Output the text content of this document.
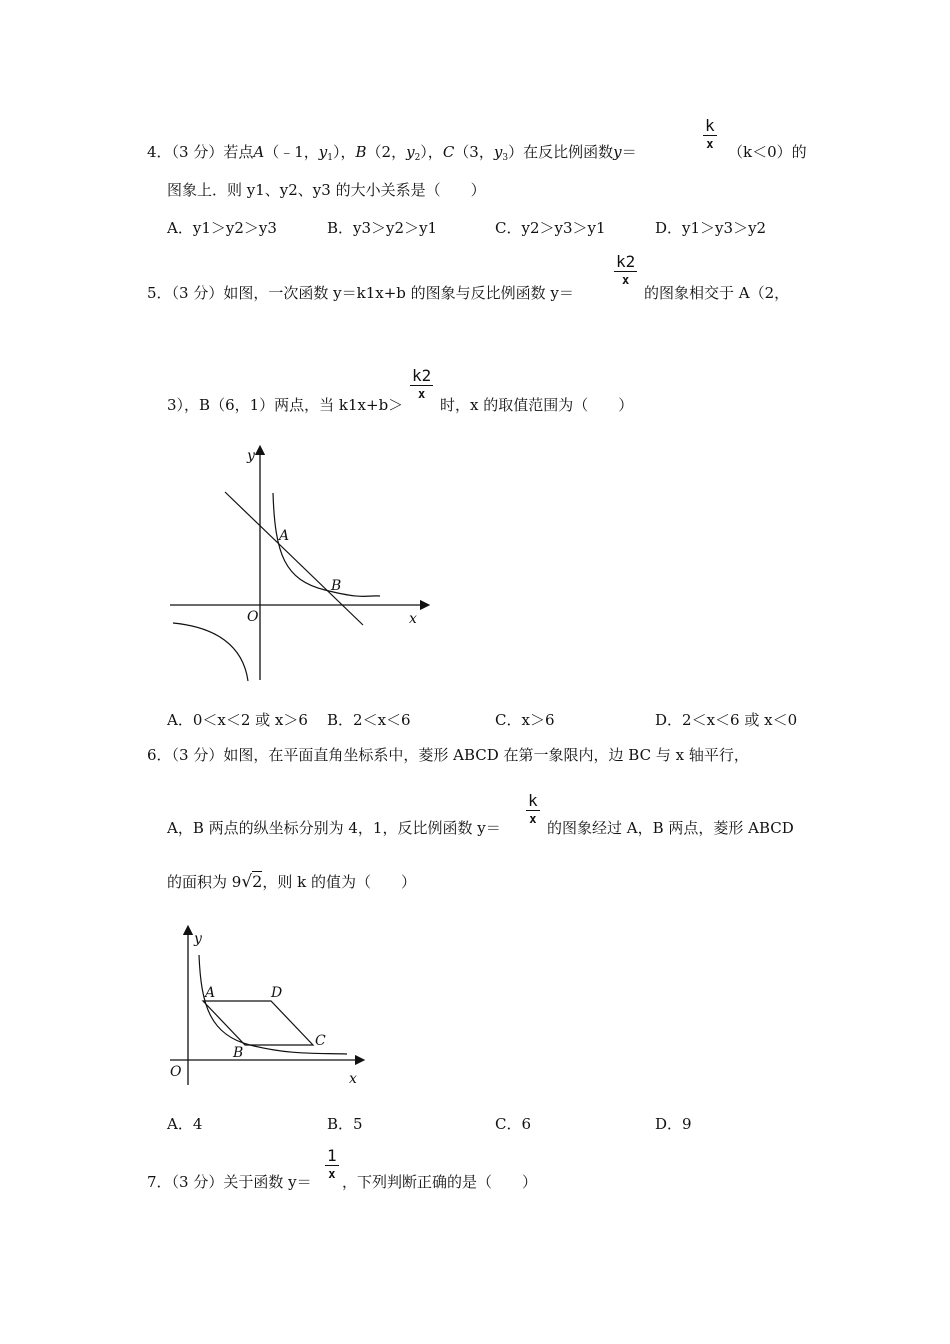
k
x
4．（3 分）若点A（﹣1，$y_1$），B（2，$y_2$），C（3，$y_3$）在反比例函数y＝	（k＜0）的
图象上．则 y1、y2、y3 的大小关系是（　　）
A．y1＞y2＞y3	B．y3＞y2＞y1	C．y2＞y3＞y1	D．y1＞y3＞y2
k2
x
5．（3 分）如图，一次函数 y＝k1x+b 的图象与反比例函数 y＝	的图象相交于 A（2，
k2
x
3），B（6，1）两点，当 k1x+b＞ 时，x 的取值范围为（　　）
y
x
O
A
B
A．0＜x＜2 或 x＞6 B．2＜x＜6	C．x＞6	D．2＜x＜6 或 x＜0
6．（3 分）如图，在平面直角坐标系中，菱形 ABCD 在第一象限内，边 BC 与 x 轴平行，
k
x
A，B 两点的纵坐标分别为 4，1，反比例函数 y＝	的图象经过 A，B 两点，菱形 ABCD
的面积为 9√2，则 k 的值为（　　）
y
x
O
A	D
B
C
A．4	B．5	C．6	D．9
1
x
7．（3 分）关于函数 y＝ ，下列判断正确的是（　　）
